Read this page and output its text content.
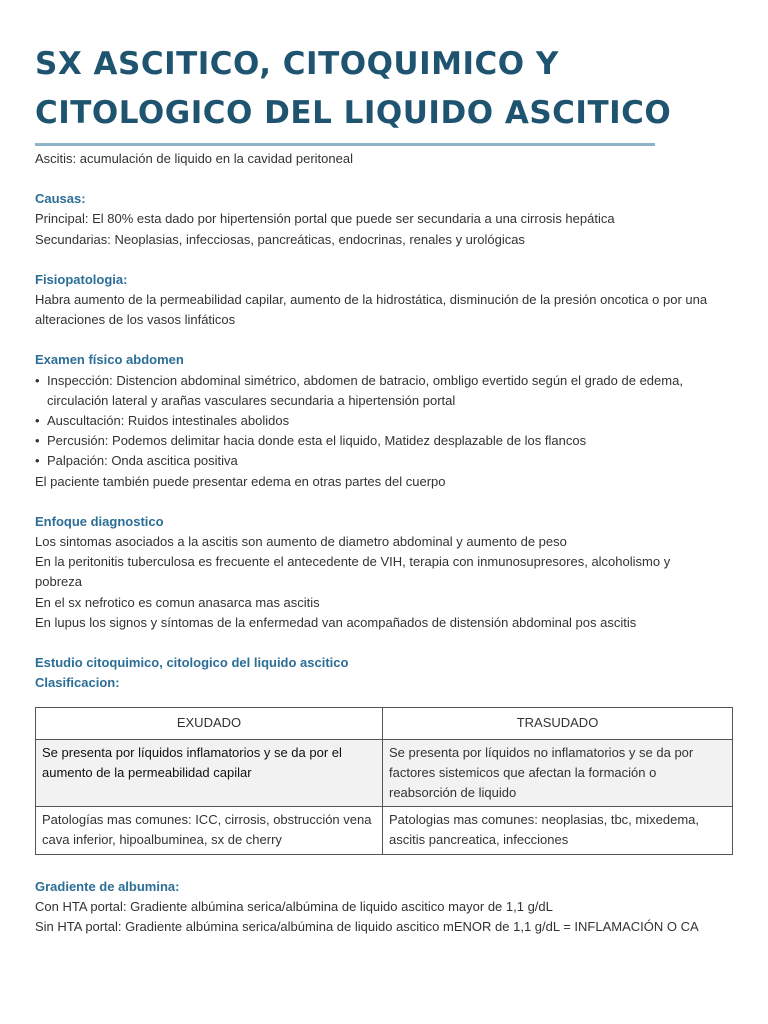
SX ASCITICO, CITOQUIMICO Y CITOLOGICO DEL LIQUIDO ASCITICO

Ascitis: acumulación de liquido en la cavidad peritoneal

Causas:

Principal: El 80% esta dado por hipertensión portal que puede ser secundaria a una cirrosis hepática

Secundarias: Neoplasias, infecciosas, pancreáticas, endocrinas, renales y urológicas

Fisiopatologia:

Habra aumento de la permeabilidad capilar, aumento de la hidrostática, disminución de la presión oncotica o por una

alteraciones de los vasos linfáticos

Examen físico abdomen

• Inspección: Distencion abdominal simétrico, abdomen de batracio, ombligo evertido según el grado de edema, circulación lateral y arañas vasculares secundaria a hipertensión portal
• Auscultación: Ruidos intestinales abolidos
• Percusión: Podemos delimitar hacia donde esta el liquido, Matidez desplazable de los flancos
• Palpación: Onda ascitica positiva

El paciente también puede presentar edema en otras partes del cuerpo

Enfoque diagnostico

Los sintomas asociados a la ascitis son aumento de diametro abdominal y aumento de peso

En la peritonitis tuberculosa es frecuente el antecedente de VIH, terapia con inmunosupresores, alcoholismo y pobreza

En el sx nefrotico es comun anasarca mas ascitis

En lupus los signos y síntomas de la enfermedad van acompañados de distensión abdominal pos ascitis

Estudio citoquimico, citologico del liquido ascitico

Clasificacion:

EXUDADO	TRASUDADO
Se presenta por líquidos inflamatorios y se da por el aumento de la permeabilidad capilar	Se presenta por líquidos no inflamatorios y se da por factores sistemicos que afectan la formación o reabsorción de liquido
Patologías mas comunes: ICC, cirrosis, obstrucción vena cava inferior, hipoalbuminea, sx de cherry	Patologias mas comunes: neoplasias, tbc, mixedema, ascitis pancreatica, infecciones

Gradiente de albumina:

Con HTA portal: Gradiente albúmina serica/albúmina de liquido ascitico mayor de 1,1 g/dL

Sin HTA portal: Gradiente albúmina serica/albúmina de liquido ascitico mENOR de 1,1 g/dL = INFLAMACIÓN O CA
